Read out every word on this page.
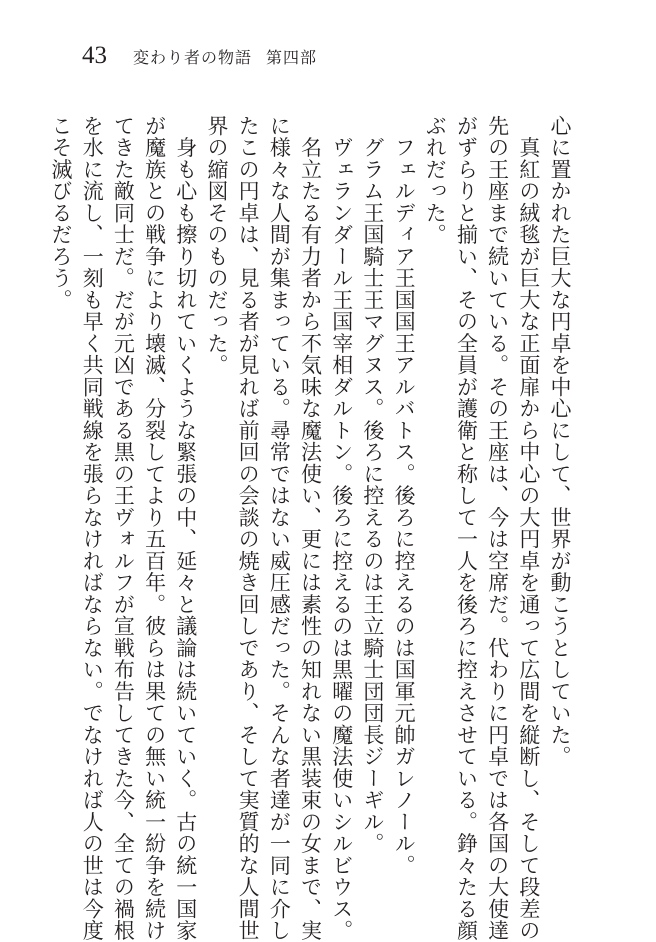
43 変わり者の物語 第四部
心に置かれた巨大な円卓を中心にして、世界が動こうとしていた。
　真紅の絨毯が巨大な正面扉から中心の大円卓を通って広間を縦断し、そして段差の
先の王座まで続いている。その王座は、今は空席だ。代わりに円卓では各国の大使達
がずらりと揃い、その全員が護衛と称して一人を後ろに控えさせている。錚々たる顔
ぶれだった。
　フェルディア王国国王アルバトス。後ろに控えるのは国軍元帥ガレノール。
　グラム王国騎士王マグヌス。後ろに控えるのは王立騎士団団長ジーギル。
　ヴェランダール王国宰相ダルトン。後ろに控えるのは黒曜の魔法使いシルビウス。
　名立たる有力者から不気味な魔法使い、更には素性の知れない黒装束の女まで、実
に様々な人間が集まっている。尋常ではない威圧感だった。そんな者達が一同に介し
たこの円卓は、見る者が見れば前回の会談の焼き回しであり、そして実質的な人間世
界の縮図そのものだった。
　身も心も擦り切れていくような緊張の中、延々と議論は続いていく。古の統一国家
が魔族との戦争により壊滅、分裂してより五百年。彼らは果ての無い統一紛争を続け
てきた敵同士だ。だが元凶である黒の王ヴォルフが宣戦布告してきた今、全ての禍根
を水に流し、一刻も早く共同戦線を張らなければならない。でなければ人の世は今度
こそ滅びるだろう。
